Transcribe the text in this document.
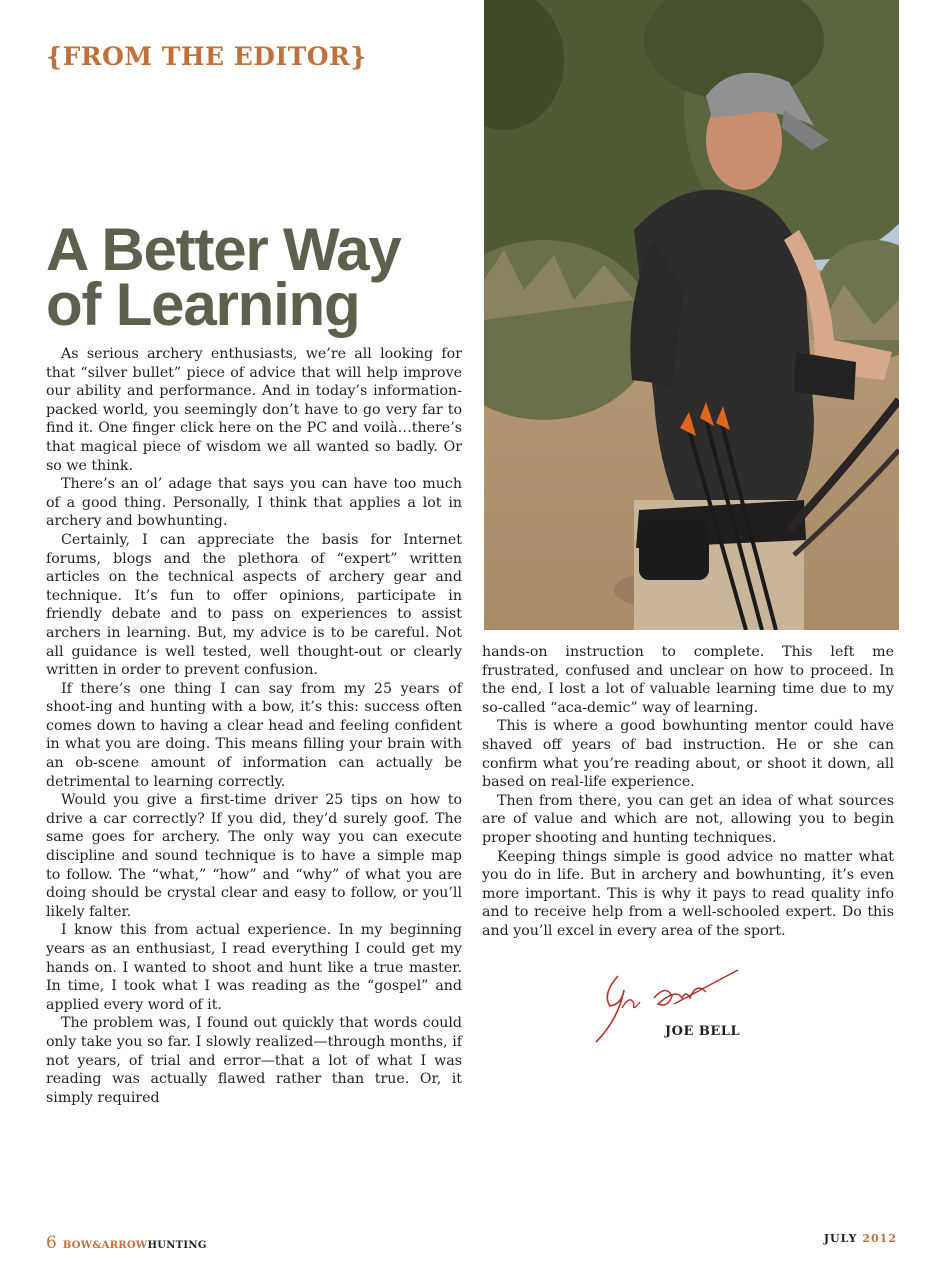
{FROM THE EDITOR}
A Better Way
of Learning

As serious archery enthusiasts, we’re all looking for that “silver bullet” piece of advice that will help improve our ability and performance. And in today’s information-packed world, you seemingly don’t have to go very far to find it. One finger click here on the PC and voilà…there’s that magical piece of wisdom we all wanted so badly. Or so we think.

There’s an ol’ adage that says you can have too much of a good thing. Personally, I think that applies a lot in archery and bowhunting.

Certainly, I can appreciate the basis for Internet forums, blogs and the plethora of “expert” written articles on the technical aspects of archery gear and technique. It’s fun to offer opinions, participate in friendly debate and to pass on experiences to assist archers in learning. But, my advice is to be careful. Not all guidance is well tested, well thought-out or clearly written in order to prevent confusion.

If there’s one thing I can say from my 25 years of shoot-ing and hunting with a bow, it’s this: success often comes down to having a clear head and feeling confident in what you are doing. This means filling your brain with an ob-scene amount of information can actually be detrimental to learning correctly.

Would you give a first-time driver 25 tips on how to drive a car correctly? If you did, they’d surely goof. The same goes for archery. The only way you can execute discipline and sound technique is to have a simple map to follow. The “what,” “how” and “why” of what you are doing should be crystal clear and easy to follow, or you’ll likely falter.

I know this from actual experience. In my beginning years as an enthusiast, I read everything I could get my hands on. I wanted to shoot and hunt like a true master. In time, I took what I was reading as the “gospel” and applied every word of it.

The problem was, I found out quickly that words could only take you so far. I slowly realized—through months, if not years, of trial and error—that a lot of what I was reading was actually flawed rather than true. Or, it simply required

hands-on instruction to complete. This left me frustrated, confused and unclear on how to proceed. In the end, I lost a lot of valuable learning time due to my so-called “aca-demic” way of learning.

This is where a good bowhunting mentor could have shaved off years of bad instruction. He or she can confirm what you’re reading about, or shoot it down, all based on real-life experience.

Then from there, you can get an idea of what sources are of value and which are not, allowing you to begin proper shooting and hunting techniques.

Keeping things simple is good advice no matter what you do in life. But in archery and bowhunting, it’s even more important. This is why it pays to read quality info and to receive help from a well-schooled expert. Do this and you’ll excel in every area of the sport.

JOE BELL
6 BOW&ARROWHUNTING
JULY 2012
